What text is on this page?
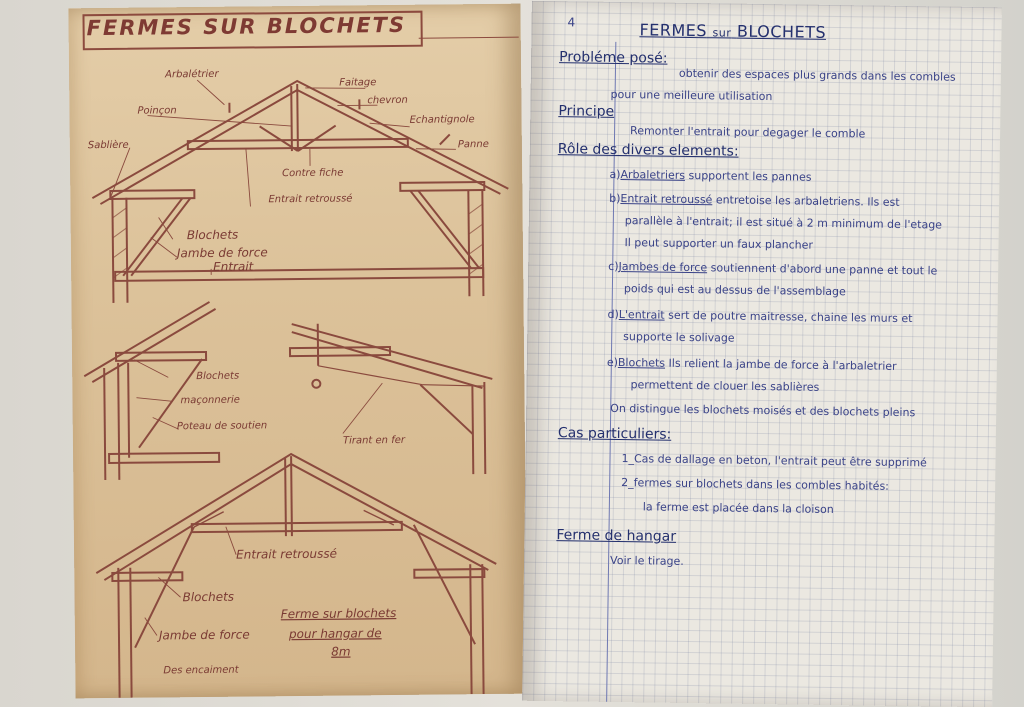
FERMES SUR BLOCHETS
Arbalétrier
Faitage
chevron
Poinçon
Echantignole
Sablière	Panne
Contre fiche
Entrait retroussé
Blochets
Jambe de force
Entrait
Blochets
maçonnerie
Poteau de soutien
Tirant en fer
Entrait retroussé
Blochets
Jambe de force
Ferme sur blochets
pour hangar de
8m
Des encaiment
4	FERMES sur BLOCHETS
Probléme posé:
obtenir des espaces plus grands dans les combles
pour une meilleure utilisation
Principe
Remonter l'entrait pour degager le comble
Rôle des divers elements:
a)Arbaletriers supportent les pannes
b)Entrait retroussé entretoise les arbaletriens. Ils est
parallèle à l'entrait; il est situé à 2 m minimum de l'etage
Il peut supporter un faux plancher
c)Jambes de force soutiennent d'abord une panne et tout le
poids qui est au dessus de l'assemblage
d)L'entrait sert de poutre maitresse, chaine les murs et
supporte le solivage
e)Blochets Ils relient la jambe de force à l'arbaletrier
permettent de clouer les sablières
On distingue les blochets moisés et des blochets pleins
Cas particuliers:
1_Cas de dallage en beton, l'entrait peut être supprimé
2_fermes sur blochets dans les combles habités:
la ferme est placée dans la cloison
Ferme de hangar
Voir le tirage.
